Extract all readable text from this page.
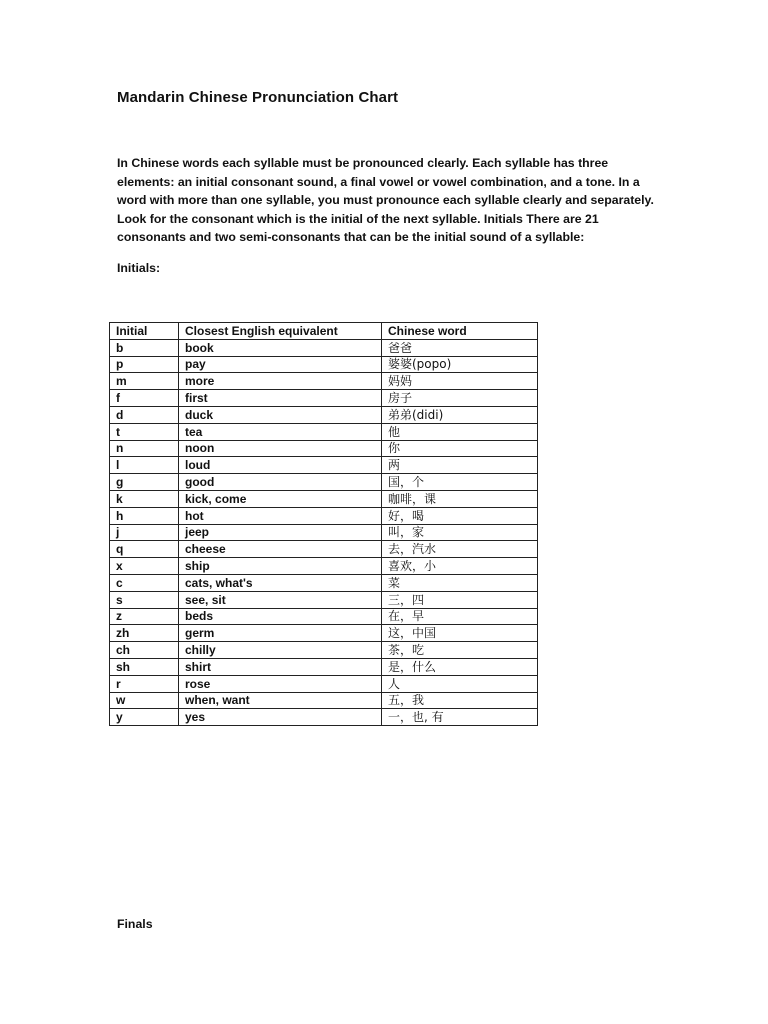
Mandarin Chinese Pronunciation Chart

In Chinese words each syllable must be pronounced clearly. Each syllable has three elements: an initial consonant sound, a final vowel or vowel combination, and a tone. In a word with more than one syllable, you must pronounce each syllable clearly and separately. Look for the consonant which is the initial of the next syllable. Initials There are 21 consonants and two semi-consonants that can be the initial sound of a syllable:

Initials:

Initial	Closest English equivalent	Chinese word
b	book	爸爸
p	pay	婆婆(popo)
m	more	妈妈
f	first	房子
d	duck	弟弟(didi)
t	tea	他
n	noon	你
l	loud	两
g	good	国，个
k	kick, come	咖啡，课
h	hot	好，喝
j	jeep	叫，家
q	cheese	去，汽水
x	ship	喜欢，小
c	cats, what's	菜
s	see, sit	三，四
z	beds	在，早
zh	germ	这，中国
ch	chilly	茶，吃
sh	shirt	是，什么
r	rose	人
w	when, want	五，我
y	yes	一，也, 有

Finals
